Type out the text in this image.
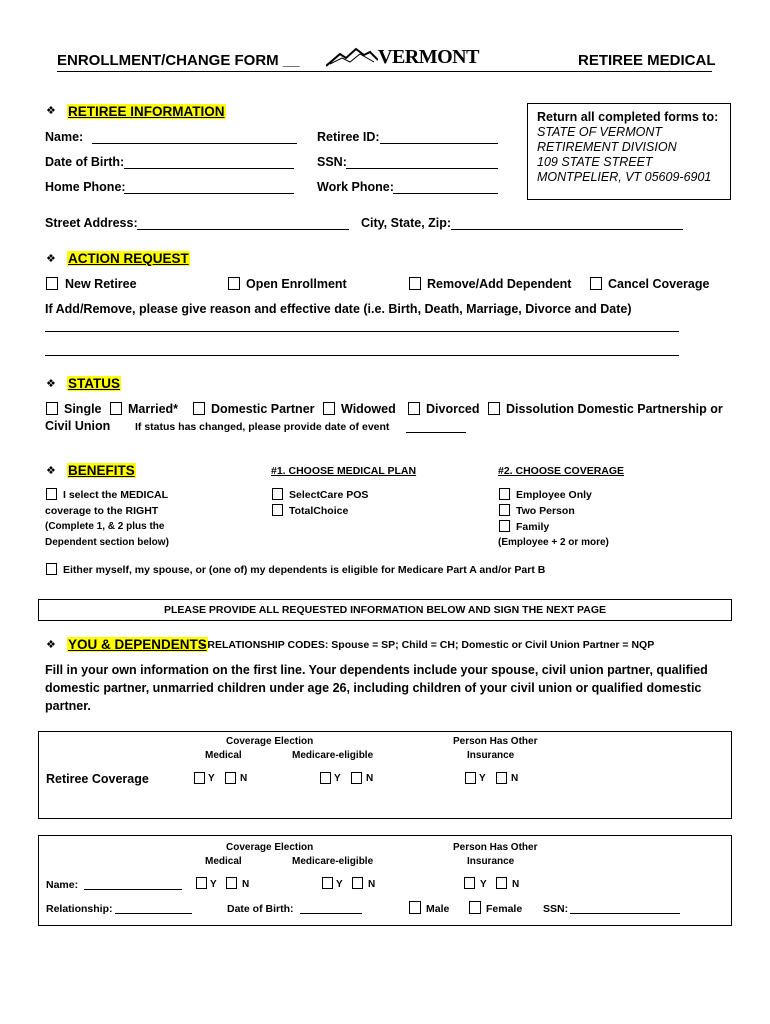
ENROLLMENT/CHANGE FORM __	VERMONT	RETIREE MEDICAL
❖ RETIREE INFORMATION
Name:	Retiree ID:
Date of Birth:	SSN:
Home Phone:	Work Phone:
Street Address:	City, State, Zip:
Return all completed forms to:
STATE OF VERMONT
RETIREMENT DIVISION
109 STATE STREET
MONTPELIER, VT 05609-6901
❖ ACTION REQUEST
New Retiree	Open Enrollment	Remove/Add Dependent	Cancel Coverage
If Add/Remove, please give reason and effective date (i.e. Birth, Death, Marriage, Divorce and Date)
❖ STATUS
Single Married*	Domestic Partner Widowed Divorced Dissolution Domestic Partnership or
Civil Union If status has changed, please provide date of event
❖ BENEFITS	#1. CHOOSE MEDICAL PLAN	#2. CHOOSE COVERAGE
I select the MEDICAL
coverage to the RIGHT
(Complete 1, & 2 plus the
Dependent section below)
SelectCare POS
TotalChoice
Employee Only
Two Person
Family
(Employee + 2 or more)
Either myself, my spouse, or (one of) my dependents is eligible for Medicare Part A and/or Part B
PLEASE PROVIDE ALL REQUESTED INFORMATION BELOW AND SIGN THE NEXT PAGE
❖ YOU & DEPENDENTS
- RELATIONSHIP CODES: Spouse = SP; Child = CH; Domestic or Civil Union Partner = NQP
Fill in your own information on the first line. Your dependents include your spouse, civil union partner, qualified
domestic partner, unmarried children under age 26, including children of your civil union or qualified domestic
partner.
Coverage Election
Medical	Medicare-eligible
Person Has Other
Insurance
Retiree Coverage	Y	N	Y	N	Y	N
Coverage Election
Medical	Medicare-eligible
Person Has Other
Insurance
Name:	Y	N	Y	N	Y	N
Relationship:	Date of Birth:	Male	Female SSN:
